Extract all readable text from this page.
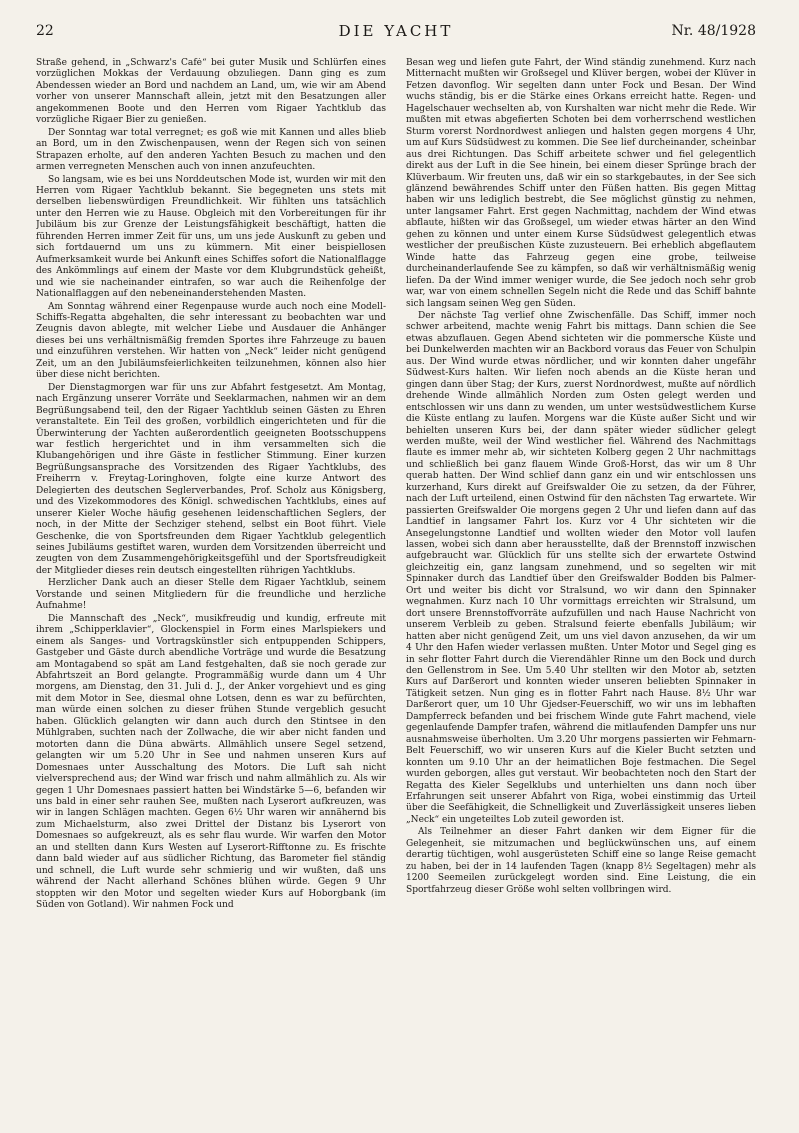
22	DIE YACHT	Nr. 48/1928

Straße gehend, in „Schwarz's Café“ bei guter Musik und Schlürfen eines vorzüglichen Mokkas der Verdauung obzuliegen. Dann ging es zum Abendessen wieder an Bord und nachdem an Land, um, wie wir am Abend vorher von unserer Mannschaft allein, jetzt mit den Besatzungen aller angekommenen Boote und den Herren vom Rigaer Yachtklub das vorzügliche Rigaer Bier zu genießen.

Der Sonntag war total verregnet; es goß wie mit Kannen und alles blieb an Bord, um in den Zwischenpausen, wenn der Regen sich von seinen Strapazen erholte, auf den anderen Yachten Besuch zu machen und den armen verregneten Menschen auch von innen anzufeuchten.

So langsam, wie es bei uns Norddeutschen Mode ist, wurden wir mit den Herren vom Rigaer Yachtklub bekannt. Sie begegneten uns stets mit derselben liebenswürdigen Freundlichkeit. Wir fühlten uns tatsächlich unter den Herren wie zu Hause. Obgleich mit den Vorbereitungen für ihr Jubiläum bis zur Grenze der Leistungsfähigkeit beschäftigt, hatten die führenden Herren immer Zeit für uns, um uns jede Auskunft zu geben und sich fortdauernd um uns zu kümmern. Mit einer beispiellosen Aufmerksamkeit wurde bei Ankunft eines Schiffes sofort die Nationalflagge des Ankömmlings auf einem der Maste vor dem Klubgrundstück geheißt, und wie sie nacheinander eintrafen, so war auch die Reihenfolge der Nationalflaggen auf den nebeneinanderstehenden Masten.

Am Sonntag während einer Regenpause wurde auch noch eine Modell-Schiffs-Regatta abgehalten, die sehr interessant zu beobachten war und Zeugnis davon ablegte, mit welcher Liebe und Ausdauer die Anhänger dieses bei uns verhältnismäßig fremden Sportes ihre Fahrzeuge zu bauen und einzuführen verstehen. Wir hatten von „Neck“ leider nicht genügend Zeit, um an den Jubiläumsfeierlichkeiten teilzunehmen, können also hier über diese nicht berichten.

Der Dienstagmorgen war für uns zur Abfahrt festgesetzt. Am Montag, nach Ergänzung unserer Vorräte und Seeklarmachen, nahmen wir an dem Begrüßungsabend teil, den der Rigaer Yachtklub seinen Gästen zu Ehren veranstaltete. Ein Teil des großen, vorbildlich eingerichteten und für die Überwinterung der Yachten außerordentlich geeigneten Bootsschuppens war festlich hergerichtet und in ihm versammelten sich die Klubangehörigen und ihre Gäste in festlicher Stimmung. Einer kurzen Begrüßungsansprache des Vorsitzenden des Rigaer Yachtklubs, des Freiherrn v. Freytag-Loringhoven, folgte eine kurze Antwort des Delegierten des deutschen Seglerverbandes, Prof. Scholz aus Königsberg, und des Vizekommodores des Königl. schwedischen Yachtklubs, eines auf unserer Kieler Woche häufig gesehenen leidenschaftlichen Seglers, der noch, in der Mitte der Sechziger stehend, selbst ein Boot führt. Viele Geschenke, die von Sportsfreunden dem Rigaer Yachtklub gelegentlich seines Jubiläums gestiftet waren, wurden dem Vorsitzenden überreicht und zeugten von dem Zusammengehörigkeitsgefühl und der Sportsfreudigkeit der Mitglieder dieses rein deutsch eingestellten rührigen Yachtklubs.

Herzlicher Dank auch an dieser Stelle dem Rigaer Yachtklub, seinem Vorstande und seinen Mitgliedern für die freundliche und herzliche Aufnahme!

Die Mannschaft des „Neck“, musikfreudig und kundig, erfreute mit ihrem „Schipperklavier“, Glockenspiel in Form eines Marlspiekers und einem als Sanges- und Vortragskünstler sich entpuppenden Schippers, Gastgeber und Gäste durch abendliche Vorträge und wurde die Besatzung am Montagabend so spät am Land festgehalten, daß sie noch gerade zur Abfahrtszeit an Bord gelangte. Programmäßig wurde dann um 4 Uhr morgens, am Dienstag, den 31. Juli d. J., der Anker vorgehievt und es ging mit dem Motor in See, diesmal ohne Lotsen, denn es war zu befürchten, man würde einen solchen zu dieser frühen Stunde vergeblich gesucht haben. Glücklich gelangten wir dann auch durch den Stintsee in den Mühlgraben, suchten nach der Zollwache, die wir aber nicht fanden und motorten dann die Düna abwärts. Allmählich unsere Segel setzend, gelangten wir um 5.20 Uhr in See und nahmen unseren Kurs auf Domesnaes unter Ausschaltung des Motors. Die Luft sah nicht vielversprechend aus; der Wind war frisch und nahm allmählich zu. Als wir gegen 1 Uhr Domesnaes passiert hatten bei Windstärke 5—6, befanden wir uns bald in einer sehr rauhen See, mußten nach Lyserort aufkreuzen, was wir in langen Schlägen machten. Gegen 6½ Uhr waren wir annähernd bis zum Michaelsturm, also zwei Drittel der Distanz bis Lyserort von Domesnaes so aufgekreuzt, als es sehr flau wurde. Wir warfen den Motor an und stellten dann Kurs Westen auf Lyserort-Rifftonne zu. Es frischte dann bald wieder auf aus südlicher Richtung, das Barometer fiel ständig und schnell, die Luft wurde sehr schmierig und wir wußten, daß uns während der Nacht allerhand Schönes blühen würde. Gegen 9 Uhr stoppten wir den Motor und segelten wieder Kurs auf Hoborgbank (im Süden von Gotland). Wir nahmen Fock und

Besan weg und liefen gute Fahrt, der Wind ständig zunehmend. Kurz nach Mitternacht mußten wir Großsegel und Klüver bergen, wobei der Klüver in Fetzen davonflog. Wir segelten dann unter Fock und Besan. Der Wind wuchs ständig, bis er die Stärke eines Orkans erreicht hatte. Regen- und Hagelschauer wechselten ab, von Kurshalten war nicht mehr die Rede. Wir mußten mit etwas abgefierten Schoten bei dem vorherrschend westlichen Sturm vorerst Nordnordwest anliegen und halsten gegen morgens 4 Uhr, um auf Kurs Südsüdwest zu kommen. Die See lief durcheinander, scheinbar aus drei Richtungen. Das Schiff arbeitete schwer und fiel gelegentlich direkt aus der Luft in die See hinein, bei einem dieser Sprünge brach der Klüverbaum. Wir freuten uns, daß wir ein so starkgebautes, in der See sich glänzend bewährendes Schiff unter den Füßen hatten. Bis gegen Mittag haben wir uns lediglich bestrebt, die See möglichst günstig zu nehmen, unter langsamer Fahrt. Erst gegen Nachmittag, nachdem der Wind etwas abflaute, hißten wir das Großsegel, um wieder etwas härter an den Wind gehen zu können und unter einem Kurse Südsüdwest gelegentlich etwas westlicher der preußischen Küste zuzusteuern. Bei erheblich abgeflautem Winde hatte das Fahrzeug gegen eine grobe, teilweise durcheinanderlaufende See zu kämpfen, so daß wir verhältnismäßig wenig liefen. Da der Wind immer weniger wurde, die See jedoch noch sehr grob war, war von einem schnellen Segeln nicht die Rede und das Schiff bahnte sich langsam seinen Weg gen Süden.

Der nächste Tag verlief ohne Zwischenfälle. Das Schiff, immer noch schwer arbeitend, machte wenig Fahrt bis mittags. Dann schien die See etwas abzuflauen. Gegen Abend sichteten wir die pommersche Küste und bei Dunkelwerden machten wir an Backbord voraus das Feuer von Schulpin aus. Der Wind wurde etwas nördlicher, und wir konnten daher ungefähr Südwest-Kurs halten. Wir liefen noch abends an die Küste heran und gingen dann über Stag; der Kurs, zuerst Nordnordwest, mußte auf nördlich drehende Winde allmählich Norden zum Osten gelegt werden und entschlossen wir uns dann zu wenden, um unter westsüdwestlichem Kurse die Küste entlang zu laufen. Morgens war die Küste außer Sicht und wir behielten unseren Kurs bei, der dann später wieder südlicher gelegt werden mußte, weil der Wind westlicher fiel. Während des Nachmittags flaute es immer mehr ab, wir sichteten Kolberg gegen 2 Uhr nachmittags und schließlich bei ganz flauem Winde Groß-Horst, das wir um 8 Uhr querab hatten. Der Wind schlief dann ganz ein und wir entschlossen uns kurzerhand, Kurs direkt auf Greifswalder Oie zu setzen, da der Führer, nach der Luft urteilend, einen Ostwind für den nächsten Tag erwartete. Wir passierten Greifswalder Oie morgens gegen 2 Uhr und liefen dann auf das Landtief in langsamer Fahrt los. Kurz vor 4 Uhr sichteten wir die Ansegelungstonne Landtief und wollten wieder den Motor voll laufen lassen, wobei sich dann aber herausstellte, daß der Brennstoff inzwischen aufgebraucht war. Glücklich für uns stellte sich der erwartete Ostwind gleichzeitig ein, ganz langsam zunehmend, und so segelten wir mit Spinnaker durch das Landtief über den Greifswalder Bodden bis Palmer-Ort und weiter bis dicht vor Stralsund, wo wir dann den Spinnaker wegnahmen. Kurz nach 10 Uhr vormittags erreichten wir Stralsund, um dort unsere Brennstoffvorräte aufzufüllen und nach Hause Nachricht von unserem Verbleib zu geben. Stralsund feierte ebenfalls Jubiläum; wir hatten aber nicht genügend Zeit, um uns viel davon anzusehen, da wir um 4 Uhr den Hafen wieder verlassen mußten. Unter Motor und Segel ging es in sehr flotter Fahrt durch die Vierendähler Rinne um den Bock und durch den Gellenstrom in See. Um 5.40 Uhr stellten wir den Motor ab, setzten Kurs auf Darßerort und konnten wieder unseren beliebten Spinnaker in Tätigkeit setzen. Nun ging es in flotter Fahrt nach Hause. 8½ Uhr war Darßerort quer, um 10 Uhr Gjedser-Feuerschiff, wo wir uns im lebhaften Dampferreck befanden und bei frischem Winde gute Fahrt machend, viele gegenlaufende Dampfer trafen, während die mitlaufenden Dampfer uns nur ausnahmsweise überholten. Um 3.20 Uhr morgens passierten wir Fehmarn-Belt Feuerschiff, wo wir unseren Kurs auf die Kieler Bucht setzten und konnten um 9.10 Uhr an der heimatlichen Boje festmachen. Die Segel wurden geborgen, alles gut verstaut. Wir beobachteten noch den Start der Regatta des Kieler Segelklubs und unterhielten uns dann noch über Erfahrungen seit unserer Abfahrt von Riga, wobei einstimmig das Urteil über die Seefähigkeit, die Schnelligkeit und Zuverlässigkeit unseres lieben „Neck“ ein ungeteiltes Lob zuteil geworden ist.

Als Teilnehmer an dieser Fahrt danken wir dem Eigner für die Gelegenheit, sie mitzumachen und beglückwünschen uns, auf einem derartig tüchtigen, wohl ausgerüsteten Schiff eine so lange Reise gemacht zu haben, bei der in 14 laufenden Tagen (knapp 8½ Segeltagen) mehr als 1200 Seemeilen zurückgelegt worden sind. Eine Leistung, die ein Sportfahrzeug dieser Größe wohl selten vollbringen wird.
